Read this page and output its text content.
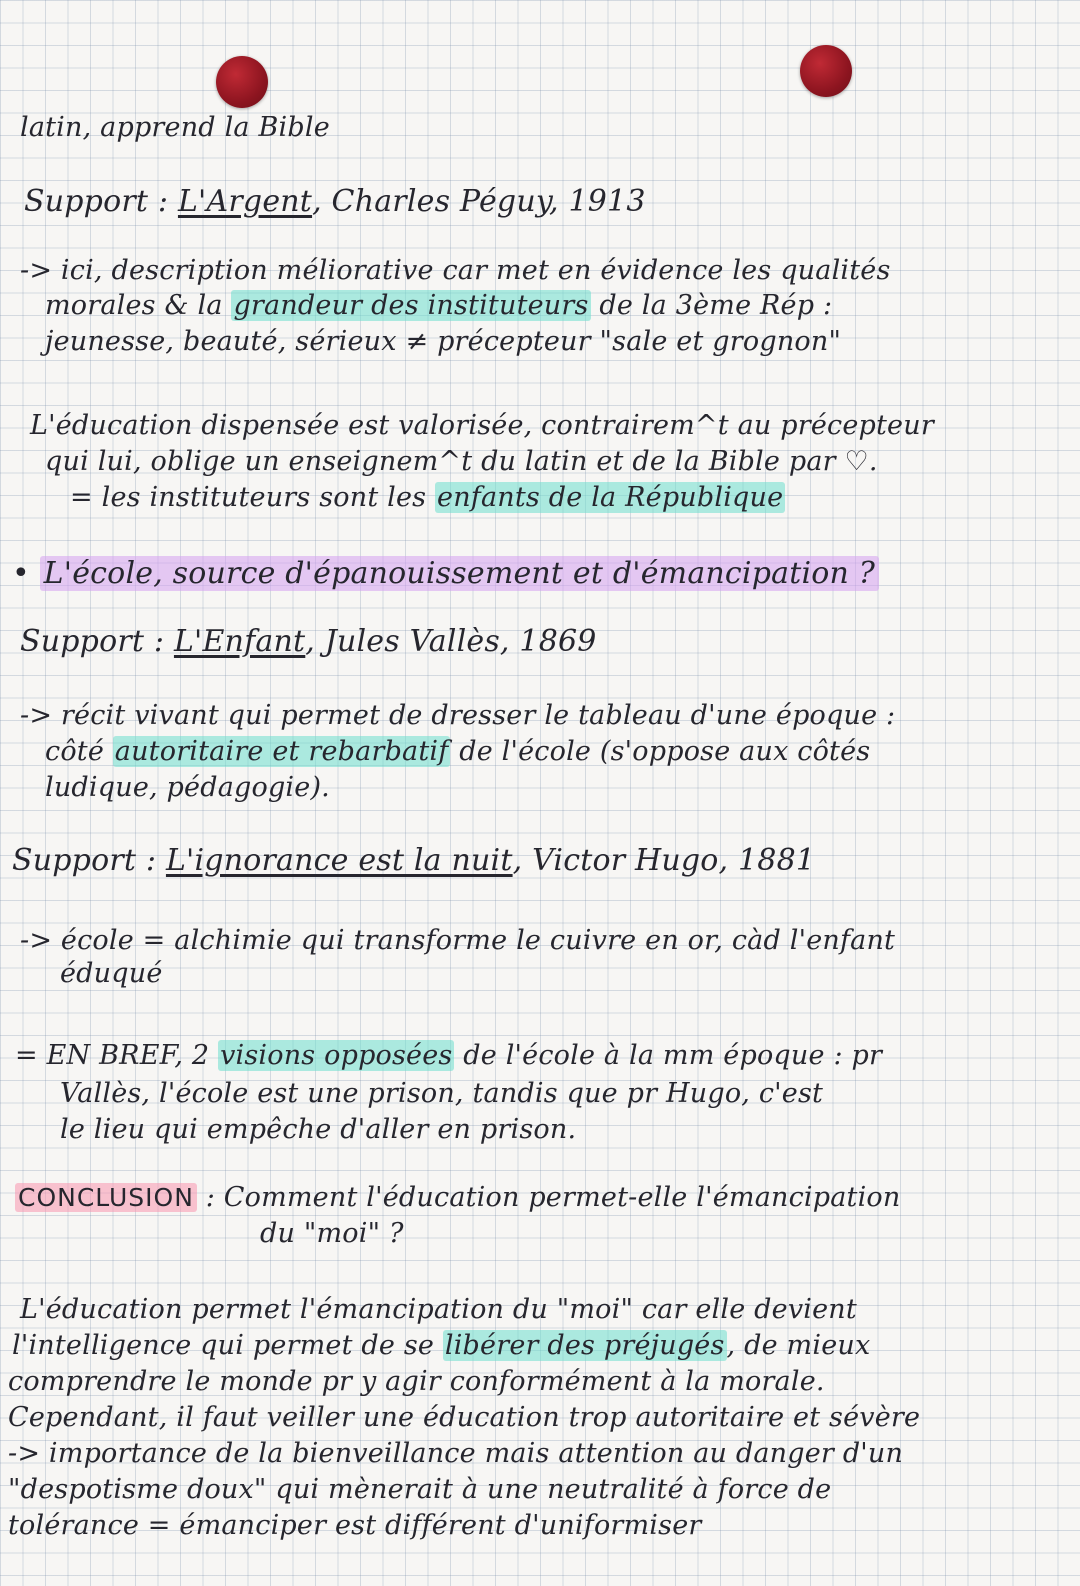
latin, apprend la Bible
Support : L'Argent, Charles Péguy, 1913
-> ici, description méliorative car met en évidence les qualités
morales & la grandeur des instituteurs de la 3ème Rép :
jeunesse, beauté, sérieux ≠ précepteur "sale et grognon"
L'éducation dispensée est valorisée, contrairem^t au précepteur
qui lui, oblige un enseignem^t du latin et de la Bible par ♡.
= les instituteurs sont les enfants de la République
• L'école, source d'épanouissement et d'émancipation ?
Support : L'Enfant, Jules Vallès, 1869
-> récit vivant qui permet de dresser le tableau d'une époque :
côté autoritaire et rebarbatif de l'école (s'oppose aux côtés
ludique, pédagogie).
Support : L'ignorance est la nuit, Victor Hugo, 1881
-> école = alchimie qui transforme le cuivre en or, càd l'enfant
éduqué
= EN BREF, 2 visions opposées de l'école à la mm époque : pr
Vallès, l'école est une prison, tandis que pr Hugo, c'est
le lieu qui empêche d'aller en prison.
CONCLUSION : Comment l'éducation permet-elle l'émancipation
du "moi" ?
L'éducation permet l'émancipation du "moi" car elle devient
l'intelligence qui permet de se libérer des préjugés, de mieux
comprendre le monde pr y agir conformément à la morale.
Cependant, il faut veiller une éducation trop autoritaire et sévère
-> importance de la bienveillance mais attention au danger d'un
"despotisme doux" qui mènerait à une neutralité à force de
tolérance = émanciper est différent d'uniformiser
